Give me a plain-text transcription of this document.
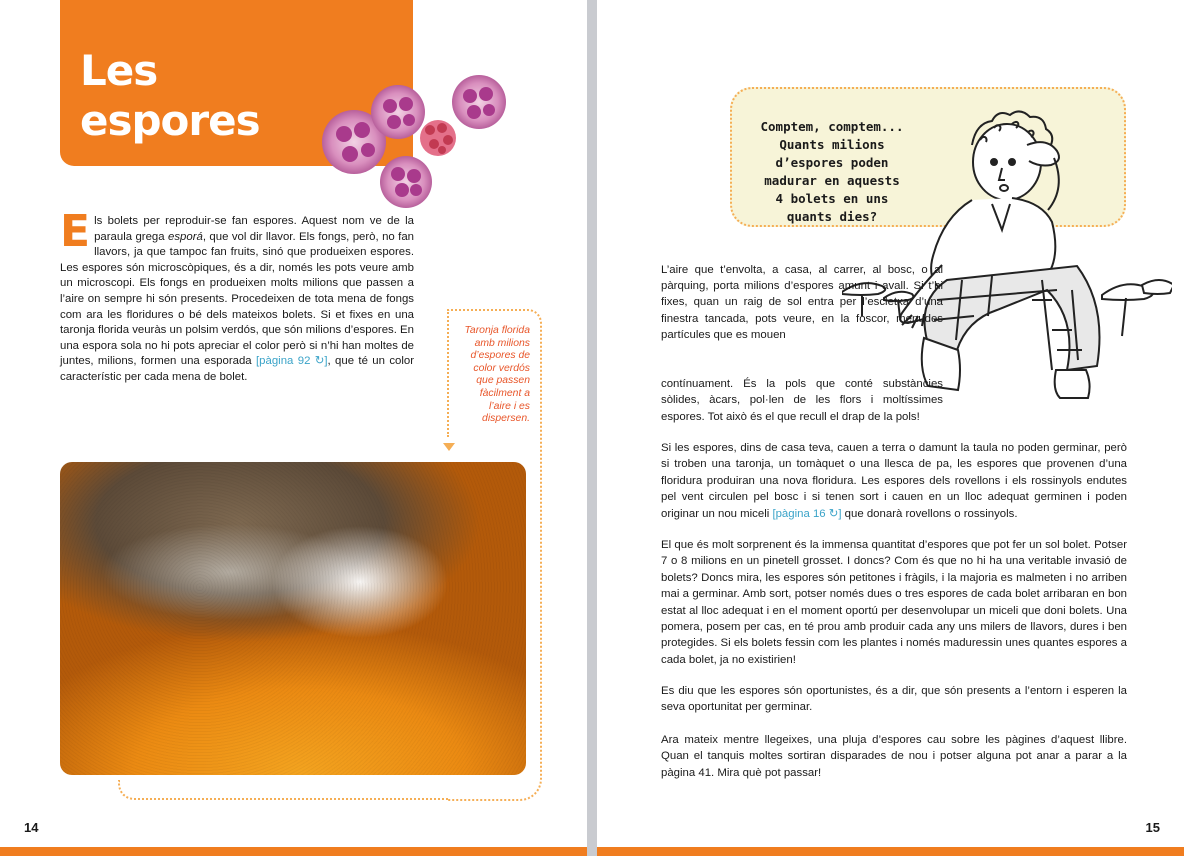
Les
espores

Els bolets per reproduir-se fan espores. Aquest nom ve de la paraula grega esporá, que vol dir llavor. Els fongs, però, no fan llavors, ja que tampoc fan fruits, sinó que produeixen espores. Les espores són microscòpiques, és a dir, només les pots veure amb un microscopi. Els fongs en produeixen molts milions que passen a l’aire on sempre hi són presents. Procedeixen de tota mena de fongs com ara les floridures o bé dels mateixos bolets. Si et fixes en una taronja florida veuràs un polsim verdós, que són milions d’espores. En una espora sola no hi pots apreciar el color però si n’hi han moltes de juntes, milions, formen una esporada [pàgina 92 ↻], que té un color característic per cada mena de bolet.

Taronja florida amb milions d’espores de color verdós que passen fàcilment a l’aire i es dispersen.

14

Comptem, comptem... Quants milions d’espores poden madurar en aquests 4 bolets en uns quants dies?

L’aire que t’envolta, a casa, al carrer, al bosc, o al pàrquing, porta milions d’espores amunt i avall. Si t’hi fixes, quan un raig de sol entra per l’escletxa d’una finestra tancada, pots veure, en la foscor, menudes partícules que es mouen

contínuament. És la pols que conté substàncies sòlides, àcars, pol·len de les flors i moltíssimes espores. Tot això és el que recull el drap de la pols!

Si les espores, dins de casa teva, cauen a terra o damunt la taula no poden germinar, però si troben una taronja, un tomàquet o una llesca de pa, les espores que provenen d’una floridura produiran una nova floridura. Les espores dels rovellons i els rossinyols endutes pel vent circulen pel bosc i si tenen sort i cauen en un lloc adequat germinen i poden originar un nou miceli [pàgina 16 ↻] que donarà rovellons o rossinyols.

El que és molt sorprenent és la immensa quantitat d’espores que pot fer un sol bolet. Potser 7 o 8 milions en un pinetell grosset. I doncs? Com és que no hi ha una veritable invasió de bolets? Doncs mira, les espores són petitones i fràgils, i la majoria es malmeten i no arriben mai a germinar. Amb sort, potser només dues o tres espores de cada bolet arribaran en bon estat al lloc adequat i en el moment oportú per desenvolupar un miceli que doni bolets. Una pomera, posem per cas, en té prou amb produir cada any uns milers de llavors, dures i ben protegides. Si els bolets fessin com les plantes i només maduressin unes quantes espores a cada bolet, ja no existirien!

Es diu que les espores són oportunistes, és a dir, que són presents a l’entorn i esperen la seva oportunitat per germinar.

Ara mateix mentre llegeixes, una pluja d’espores cau sobre les pàgines d’aquest llibre. Quan el tanquis moltes sortiran disparades de nou i potser alguna pot anar a parar a la pàgina 41. Mira què pot passar!

15
